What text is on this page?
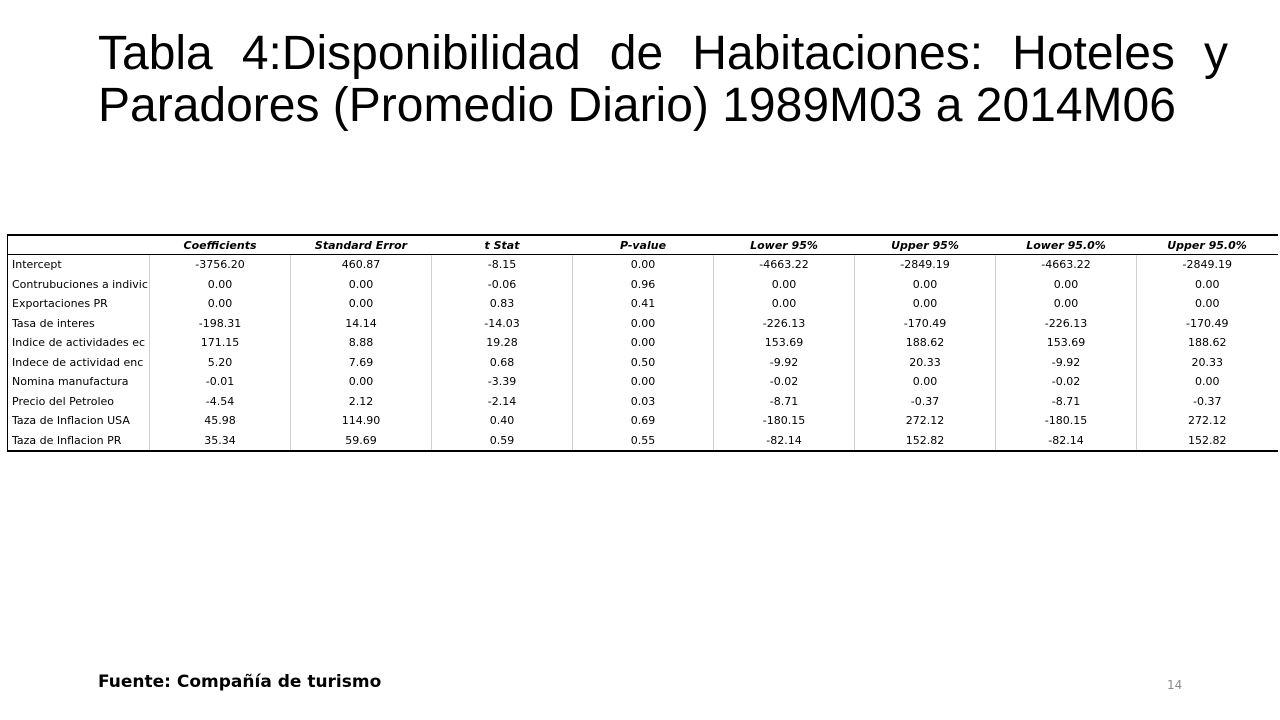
Tabla 4:Disponibilidad de Habitaciones: Hoteles y Paradores (Promedio Diario) 1989M03 a 2014M06
	Coefficients	Standard Error	t Stat	P-value	Lower 95%	Upper 95%	Lower 95.0%	Upper 95.0%
Intercept	-3756.20	460.87	-8.15	0.00	-4663.22	-2849.19	-4663.22	-2849.19
Contrubuciones a indivic	0.00	0.00	-0.06	0.96	0.00	0.00	0.00	0.00
Exportaciones PR	0.00	0.00	0.83	0.41	0.00	0.00	0.00	0.00
Tasa de interes	-198.31	14.14	-14.03	0.00	-226.13	-170.49	-226.13	-170.49
Indice de actividades ec	171.15	8.88	19.28	0.00	153.69	188.62	153.69	188.62
Indece de actividad enc	5.20	7.69	0.68	0.50	-9.92	20.33	-9.92	20.33
Nomina manufactura	-0.01	0.00	-3.39	0.00	-0.02	0.00	-0.02	0.00
Precio del Petroleo	-4.54	2.12	-2.14	0.03	-8.71	-0.37	-8.71	-0.37
Taza de Inflacion USA	45.98	114.90	0.40	0.69	-180.15	272.12	-180.15	272.12
Taza de Inflacion PR	35.34	59.69	0.59	0.55	-82.14	152.82	-82.14	152.82
Fuente: Compañía de turismo	14
